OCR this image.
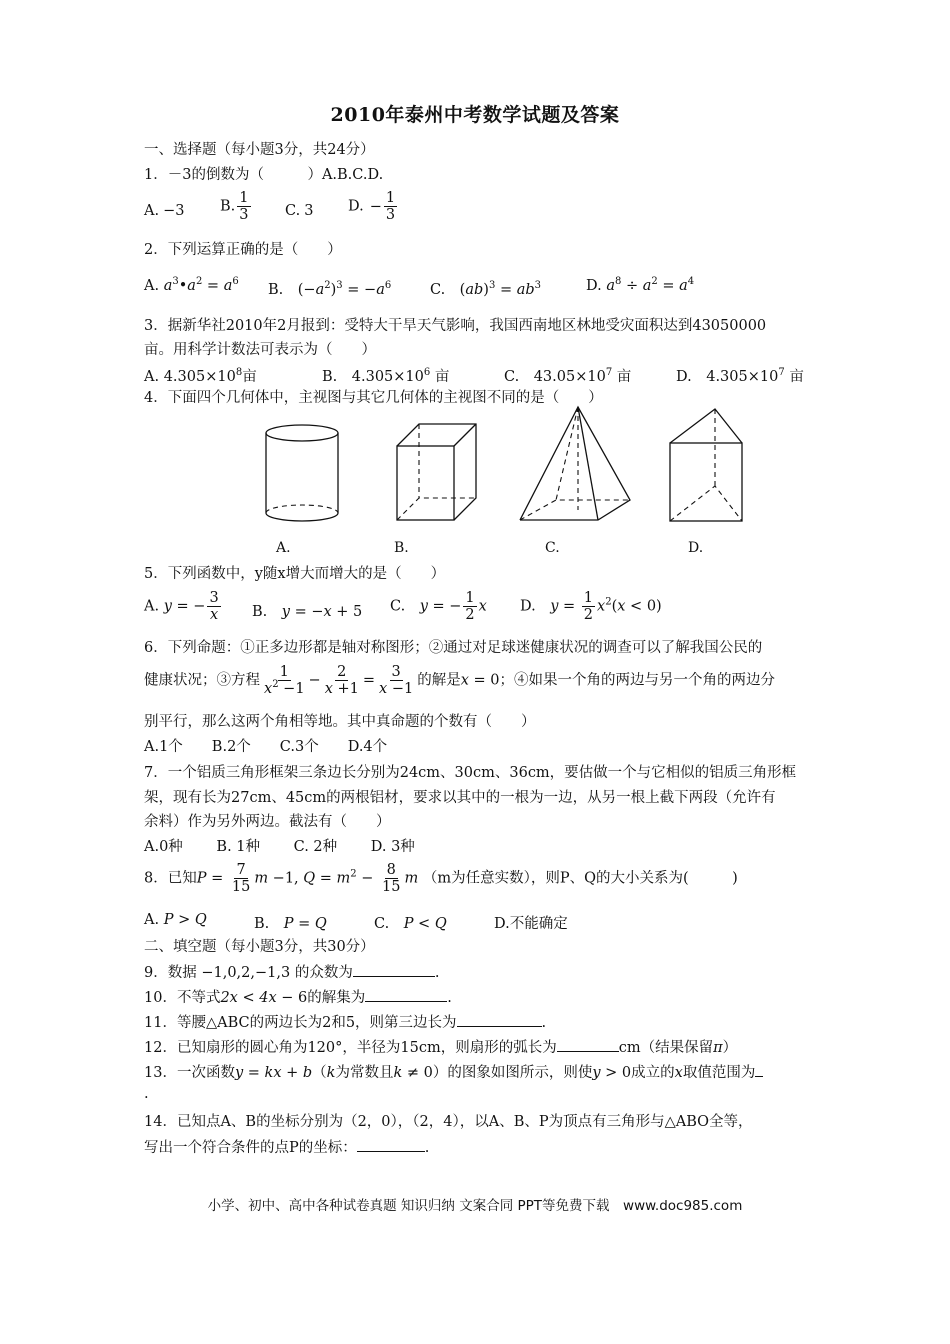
2010年泰州中考数学试题及答案
一、选择题（每小题3分，共24分）
1．－3的倒数为（　　　）A.B.C.D.
A. −3 B. $\frac{1}{3} C$. 3 D. − $\frac{1}{3}$
2．下列运算正确的是（　　）
A. $a^3•a^2 = a^6$
B.　$(-a^2)^3 = -a^6$	C.　$(ab)^3 = ab^3$	D. $a^8 \div a^2 = a^4$
3．据新华社2010年2月报到：受特大干旱天气影响，我国西南地区林地受灾面积达到43050000
亩。用科学计数法可表示为（　　）
A. $4.305\times 10^8$亩	B.　 $4.305\times 10^6$ 亩	C.　 $43.05\times 10^7$ 亩	D.　 $4.305\times 10^7$ 亩
4．下面四个几何体中，主视图与其它几何体的主视图不同的是（　　）
A.	B.	C.	D.
5．下列函数中，y随x增大而增大的是（　　）
A. y = − $\frac{3}{x} B$.　 y = −x + 5 C.　 y = − $\frac{1}{2}$ x D.　 $y = \frac{1}{2} x^2(x < 0)$
6．下列命题：①正多边形都是轴对称图形；②通过对足球迷健康状况的调查可以了解我国公民的
健康状况；③方程 $\frac{1}{x^2 -1} - \frac{2}{x +1} = \frac{3}{x -1}$ 的解是x = 0；④如果一个角的两边与另一个角的两边分
别平行，那么这两个角相等地。其中真命题的个数有（　　）
A.1个　　B.2个　　C.3个　　D.4个
7．一个铝质三角形框架三条边长分别为24cm、30cm、36cm，要估做一个与它相似的铝质三角形框
架，现有长为27cm、45cm的两根铝材，要求以其中的一根为一边，从另一根上截下两段（允许有
余料）作为另外两边。截法有（　　）
A.0种　　 B. 1种　　 C. 2种　　 D. 3种
8．已知$P = \frac{7}{15}$ m −1, $Q = m^2 - \frac{8}{15}$ m （m为任意实数），则P、Q的大小关系为(　　　)
A. P > Q	B.　 P = Q	C.　 P < Q	D.不能确定
二、填空题（每小题3分，共30分）
9．数据 −1,0,2,−1,3 的众数为	.
10．不等式2x < 4x − 6的解集为	.
11．等腰△ABC的两边长为2和5，则第三边长为	.
12．已知扇形的圆心角为120°，半径为15cm，则扇形的弧长为	cm（结果保留π）
13．一次函数y = kx + b（k为常数且k ≠ 0）的图象如图所示，则使y > 0成立的x取值范围为
.
14．已知点A、B的坐标分别为（2，0），（2，4），以A、B、P为顶点有三角形与△ABO全等，
写出一个符合条件的点P的坐标：	.
小学、初中、高中各种试卷真题 知识归纳 文案合同 PPT等免费下载　www.doc985.com
